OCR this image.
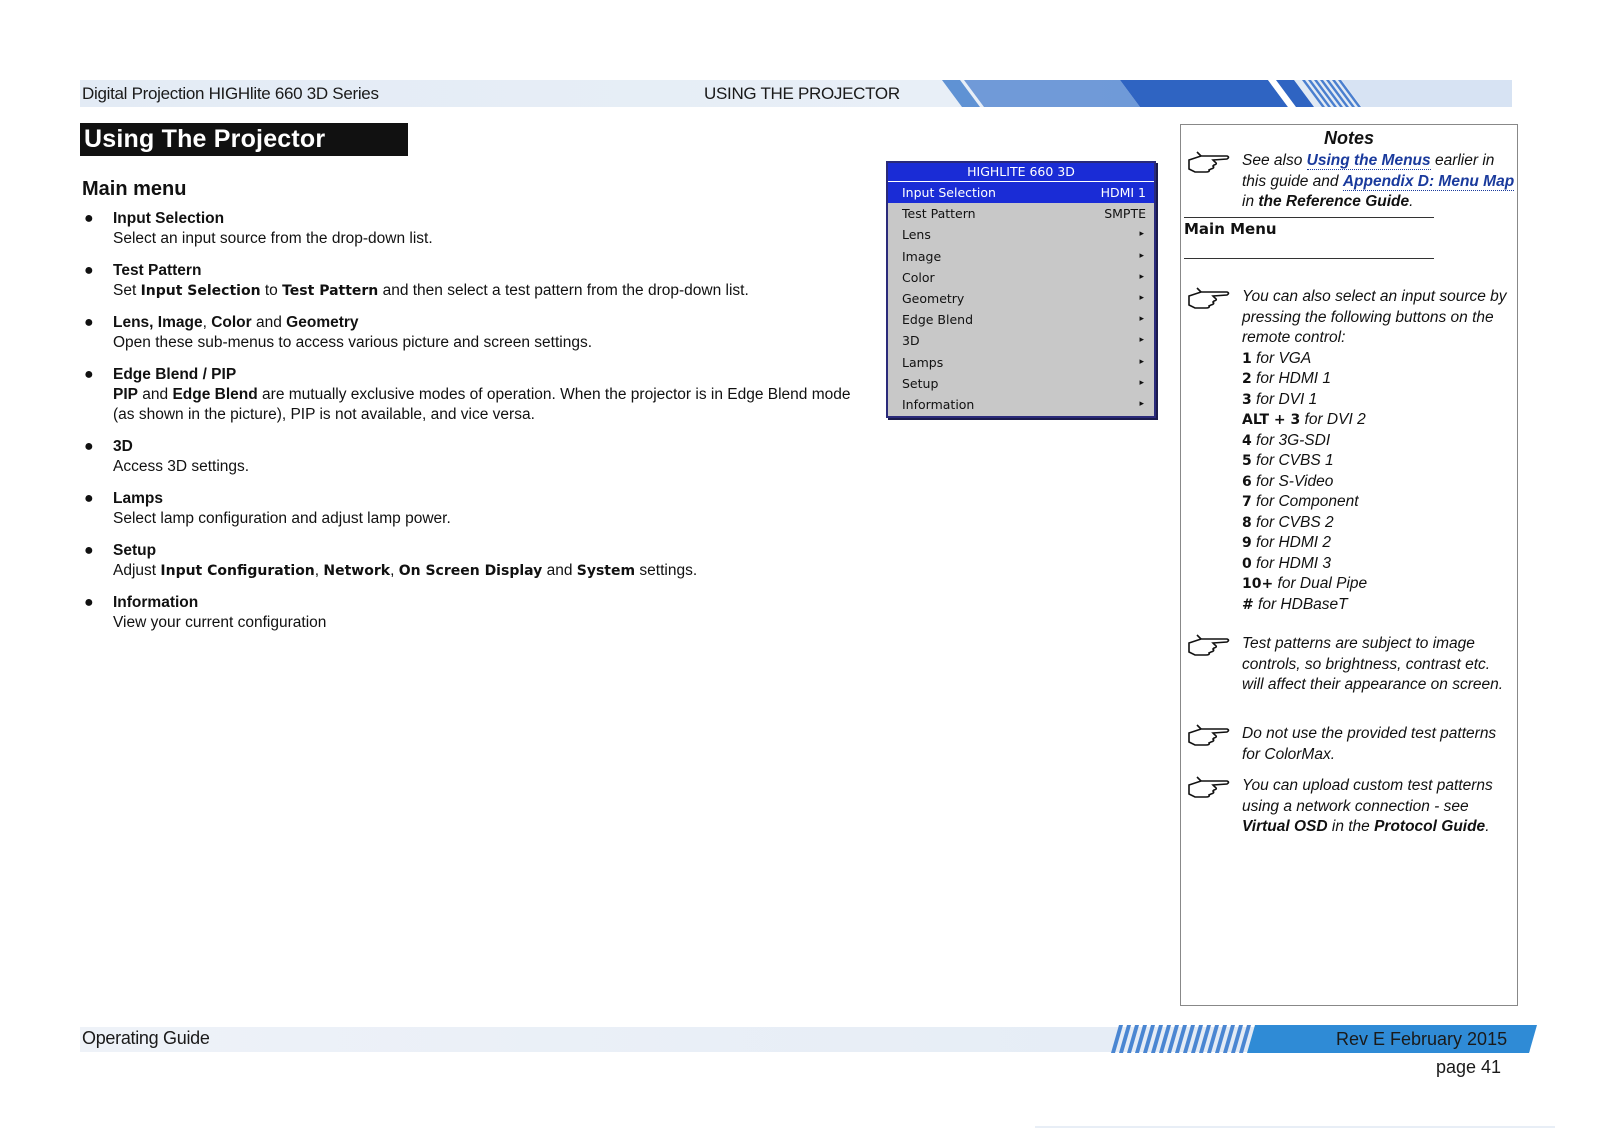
Digital Projection HIGHlite 660 3D Series	USING THE PROJECTOR
Using The Projector
Main menu
● Input Selection
Select an input source from the drop-down list.
● Test Pattern
Set Input Selection to Test Pattern and then select a test pattern from the drop-down list.
● Lens, Image, Color and Geometry
Open these sub-menus to access various picture and screen settings.
● Edge Blend / PIP
PIP and Edge Blend are mutually exclusive modes of operation. When the projector is in Edge Blend mode (as shown in the picture), PIP is not available, and vice versa.
● 3D
Access 3D settings.
● Lamps
Select lamp configuration and adjust lamp power.
● Setup
Adjust Input Configuration, Network, On Screen Display and System settings.
● Information
View your current configuration
HIGHLITE 660 3D
Input Selection	HDMI 1
Test Pattern	SMPTE
Lens	▸
Image	▸
Color	▸
Geometry	▸
Edge Blend	▸
3D	▸
Lamps	▸
Setup	▸
Information	▸
Notes
See also Using the Menus earlier in this guide and Appendix D: Menu Map in the Reference Guide.
Main Menu
You can also select an input source by pressing the following buttons on the remote control:
1 for VGA
2 for HDMI 1
3 for DVI 1
ALT + 3 for DVI 2
4 for 3G-SDI
5 for CVBS 1
6 for S-Video
7 for Component
8 for CVBS 2
9 for HDMI 2
0 for HDMI 3
10+ for Dual Pipe
# for HDBaseT
Test patterns are subject to image controls, so brightness, contrast etc. will affect their appearance on screen.
Do not use the provided test patterns for ColorMax.
You can upload custom test patterns using a network connection - see Virtual OSD in the Protocol Guide.
Operating Guide	Rev E February 2015
page 41
